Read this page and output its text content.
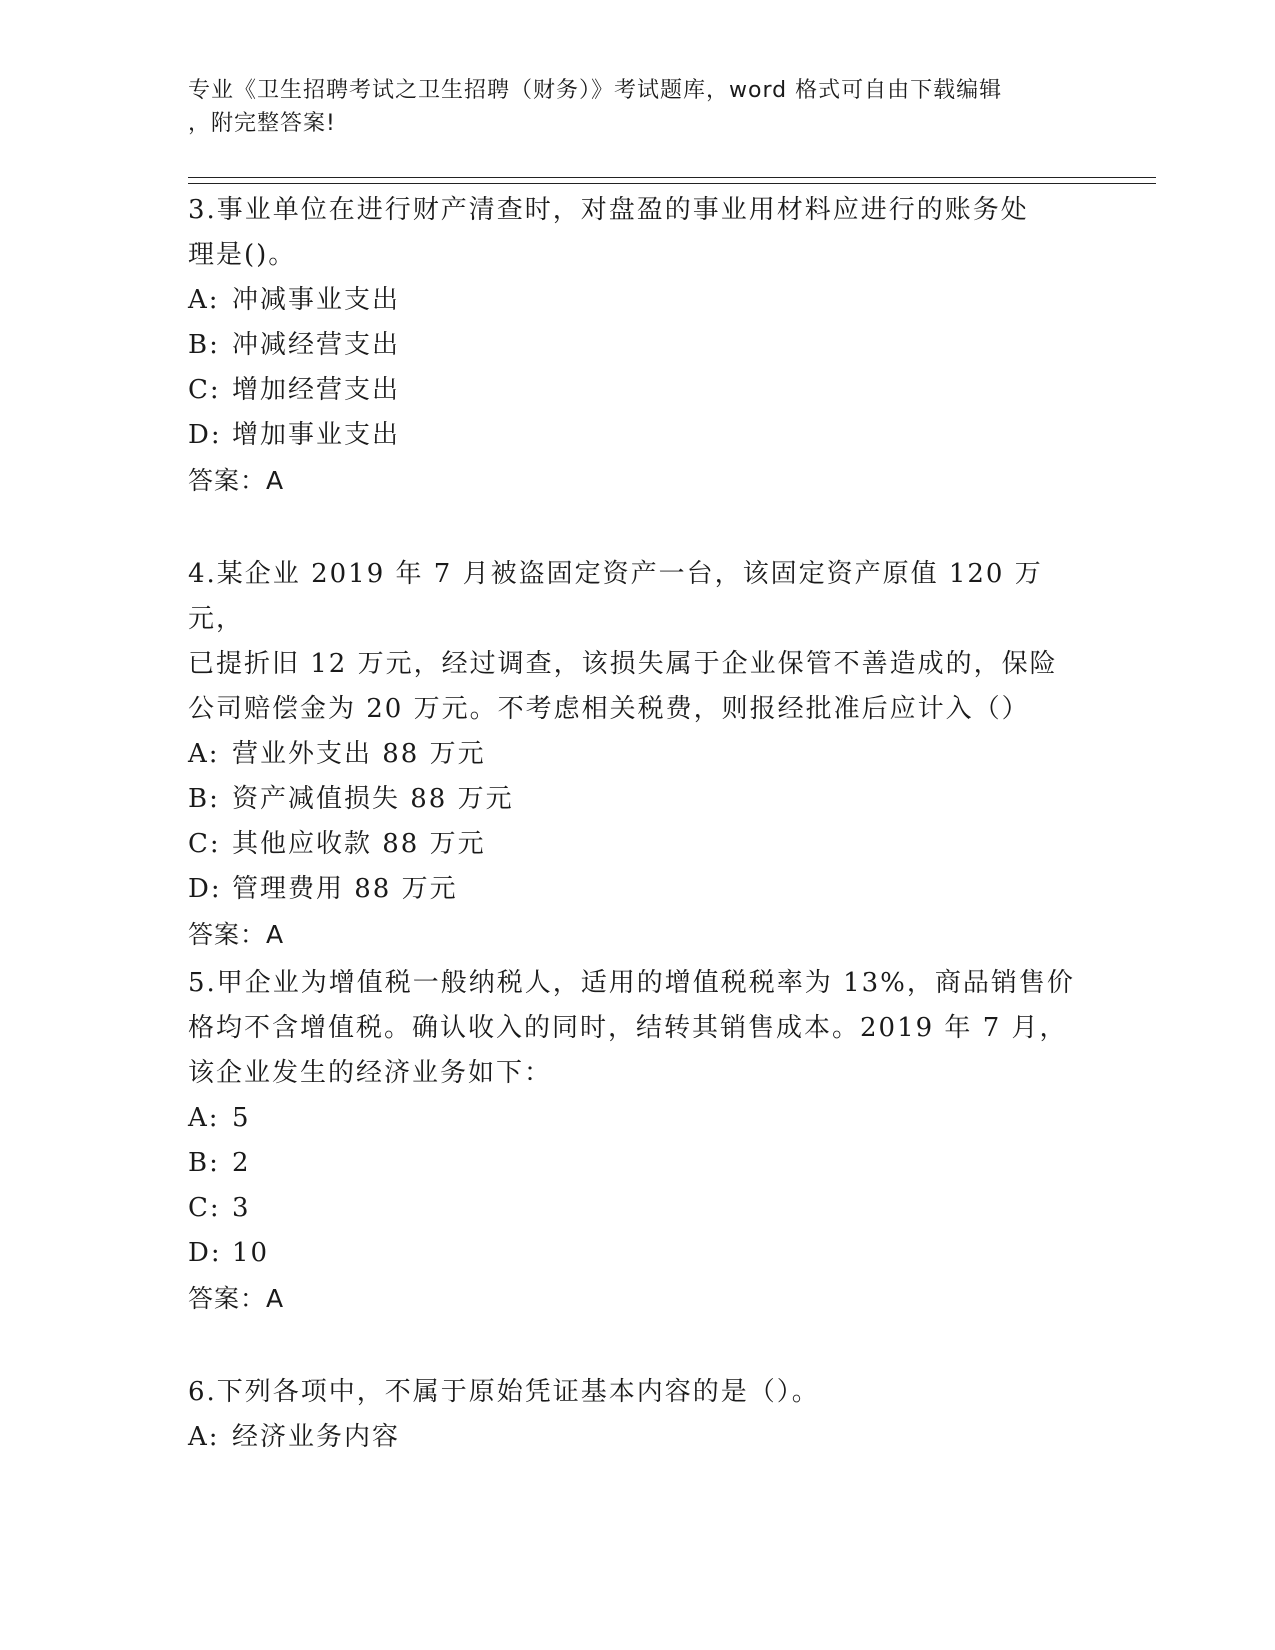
专业《卫生招聘考试之卫生招聘（财务）》考试题库，word 格式可自由下载编辑
，附完整答案!

3.事业单位在进行财产清查时，对盘盈的事业用材料应进行的账务处

理是()。

A: 冲减事业支出

B: 冲减经营支出

C: 增加经营支出

D: 增加事业支出

答案：A

4.某企业 2019 年 7 月被盗固定资产一台，该固定资产原值 120 万元，

已提折旧 12 万元，经过调查，该损失属于企业保管不善造成的，保险

公司赔偿金为 20 万元。不考虑相关税费，则报经批准后应计入（）

A: 营业外支出 88 万元

B: 资产减值损失 88 万元

C: 其他应收款 88 万元

D: 管理费用 88 万元

答案：A

5.甲企业为增值税一般纳税人，适用的增值税税率为 13%，商品销售价

格均不含增值税。确认收入的同时，结转其销售成本。2019 年 7 月，

该企业发生的经济业务如下：

A: 5

B: 2

C: 3

D: 10

答案：A

6.下列各项中，不属于原始凭证基本内容的是（）。

A: 经济业务内容
